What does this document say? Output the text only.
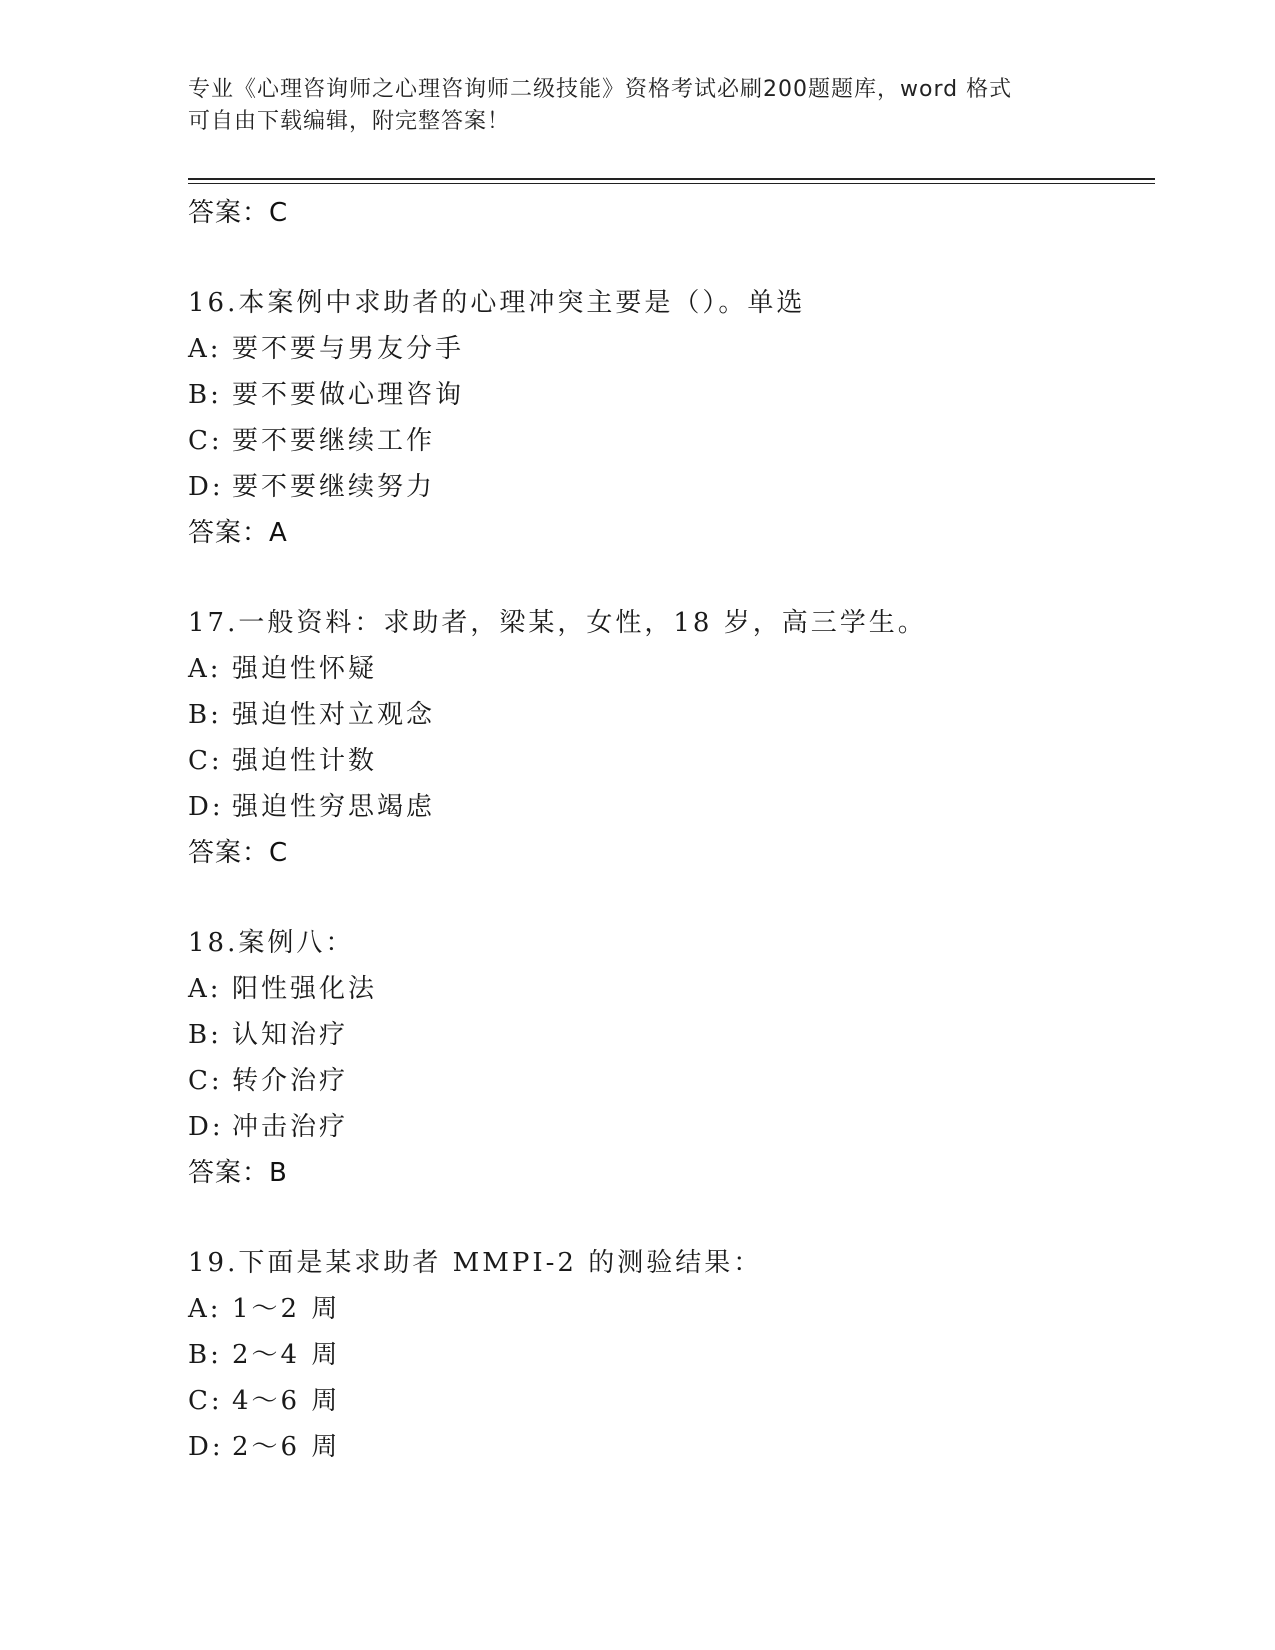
专业《心理咨询师之心理咨询师二级技能》资格考试必刷200题题库，word 格式
可自由下载编辑，附完整答案！
答案：C
16.本案例中求助者的心理冲突主要是（）。单选
A: 要不要与男友分手
B: 要不要做心理咨询
C: 要不要继续工作
D: 要不要继续努力
答案：A
17.一般资料：求助者，梁某，女性，18 岁，高三学生。
A: 强迫性怀疑
B: 强迫性对立观念
C: 强迫性计数
D: 强迫性穷思竭虑
答案：C
18.案例八：
A: 阳性强化法
B: 认知治疗
C: 转介治疗
D: 冲击治疗
答案：B
19.下面是某求助者 MMPI-2 的测验结果：
A: 1～2 周
B: 2～4 周
C: 4～6 周
D: 2～6 周
